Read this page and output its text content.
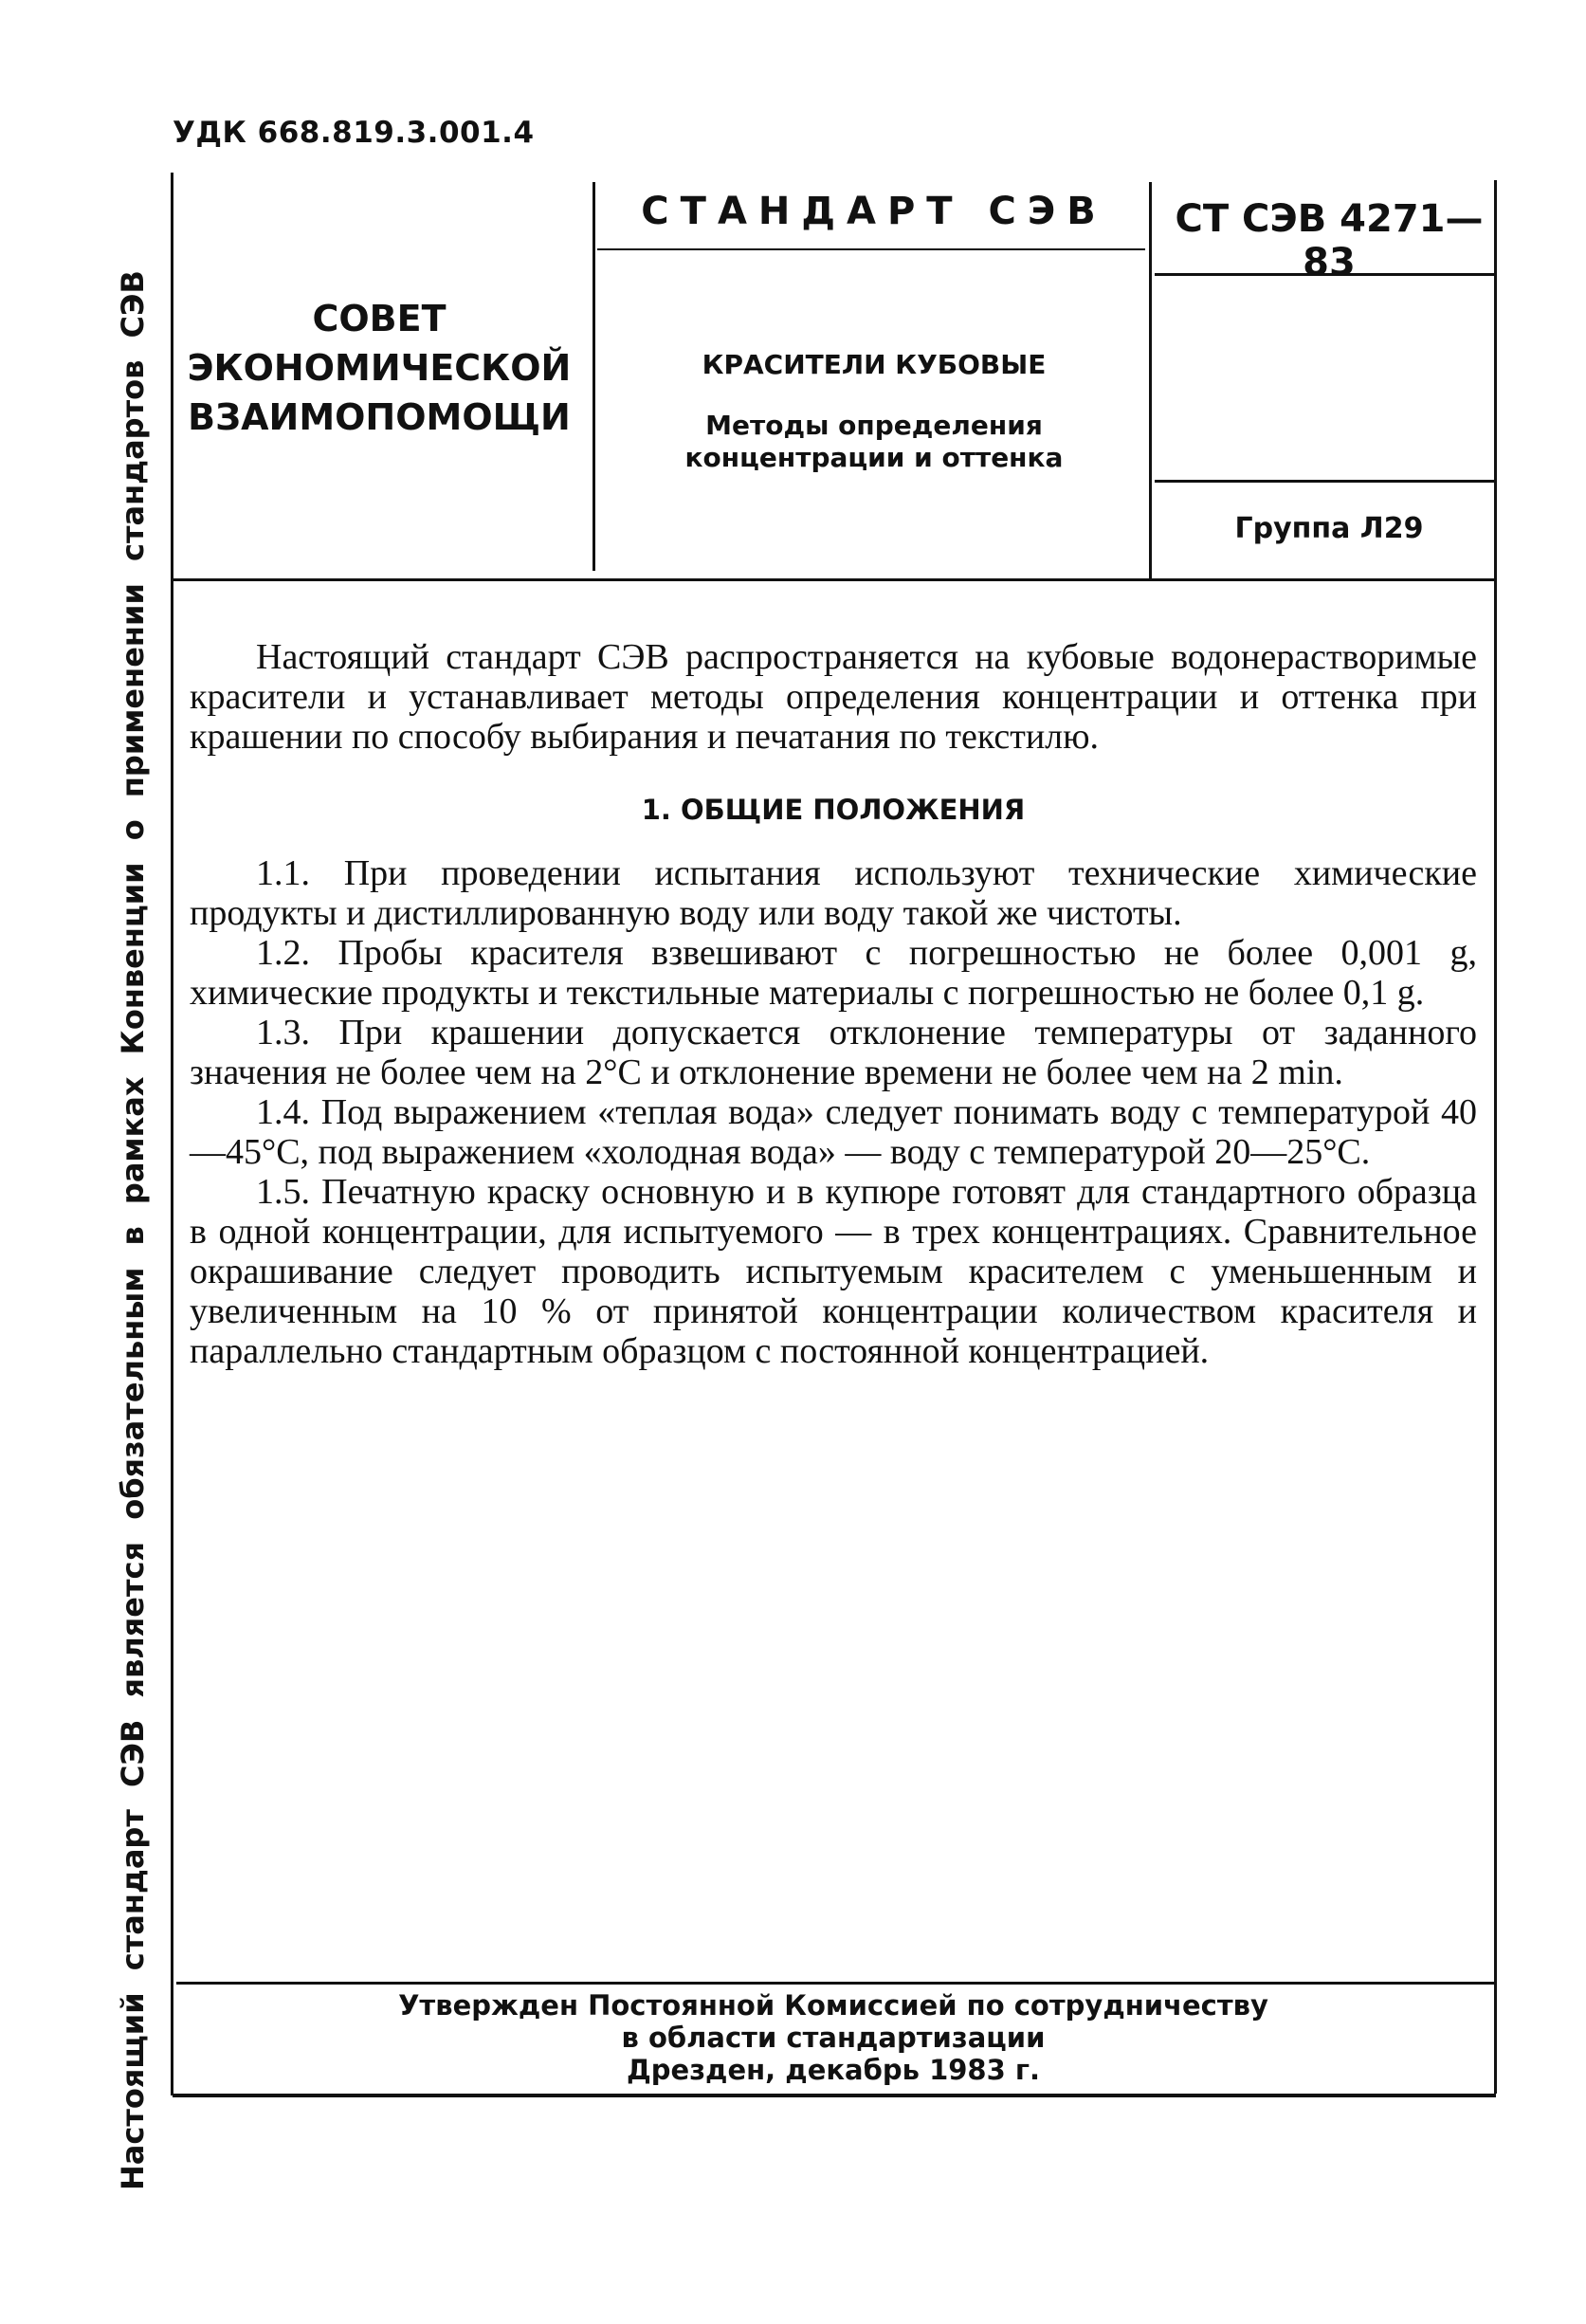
УДК 668.819.3.001.4
Настоящий стандарт СЭВ является обязательным в рамках Конвенции о применении стандартов СЭВ	СОВЕТ
ЭКОНОМИЧЕСКОЙ
ВЗАИМОПОМОЩИ
СТАНДАРТ СЭВ
КРАСИТЕЛИ КУБОВЫЕ
Методы определения
концентрации и оттенка
СТ СЭВ 4271—83
Группа Л29

Настоящий стандарт СЭВ распространяется на кубовые водонерастворимые красители и устанавливает методы определения концентрации и оттенка при крашении по способу выбирания и печатания по текстилю.

1. ОБЩИЕ ПОЛОЖЕНИЯ

1.1. При проведении испытания используют технические химические продукты и дистиллированную воду или воду такой же чистоты.

1.2. Пробы красителя взвешивают с погрешностью не более 0,001 g, химические продукты и текстильные материалы с погрешностью не более 0,1 g.

1.3. При крашении допускается отклонение температуры от заданного значения не более чем на 2°С и отклонение времени не более чем на 2 min.

1.4. Под выражением «теплая вода» следует понимать воду с температурой 40—45°С, под выражением «холодная вода» — воду с температурой 20—25°С.

1.5. Печатную краску основную и в купюре готовят для стандартного образца в одной концентрации, для испытуемого — в трех концентрациях. Сравнительное окрашивание следует проводить испытуемым красителем с уменьшенным и увеличенным на 10 % от принятой концентрации количеством красителя и параллельно стандартным образцом с постоянной концентрацией.

Утвержден Постоянной Комиссией по сотрудничеству
в области стандартизации
Дрезден, декабрь 1983 г.
